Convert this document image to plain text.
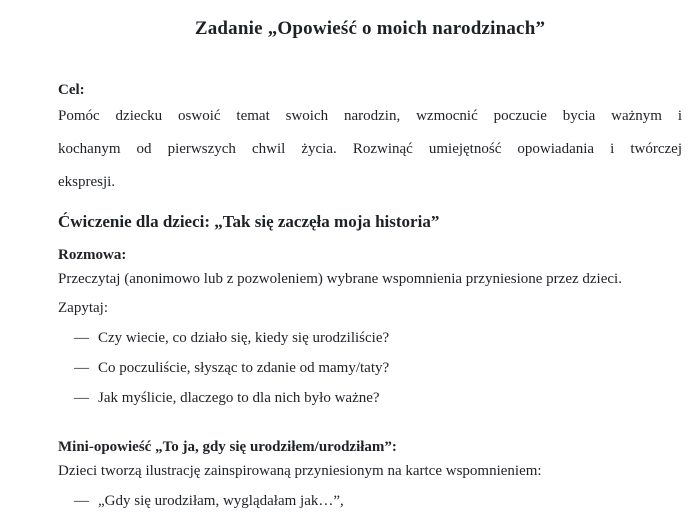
Zadanie „Opowieść o moich narodzinach”
Cel:
Pomóc dziecku oswoić temat swoich narodzin, wzmocnić poczucie bycia ważnym i
kochanym od pierwszych chwil życia. Rozwinąć umiejętność opowiadania i twórczej
ekspresji.
Ćwiczenie dla dzieci: „Tak się zaczęła moja historia”
Rozmowa:
Przeczytaj (anonimowo lub z pozwoleniem) wybrane wspomnienia przyniesione przez dzieci.
Zapytaj:
— Czy wiecie, co działo się, kiedy się urodziliście?
— Co poczuliście, słysząc to zdanie od mamy/taty?
— Jak myślicie, dlaczego to dla nich było ważne?
Mini-opowieść „To ja, gdy się urodziłem/urodziłam”:
Dzieci tworzą ilustrację zainspirowaną przyniesionym na kartce wspomnieniem:
— „Gdy się urodziłam, wyglądałam jak…”,
